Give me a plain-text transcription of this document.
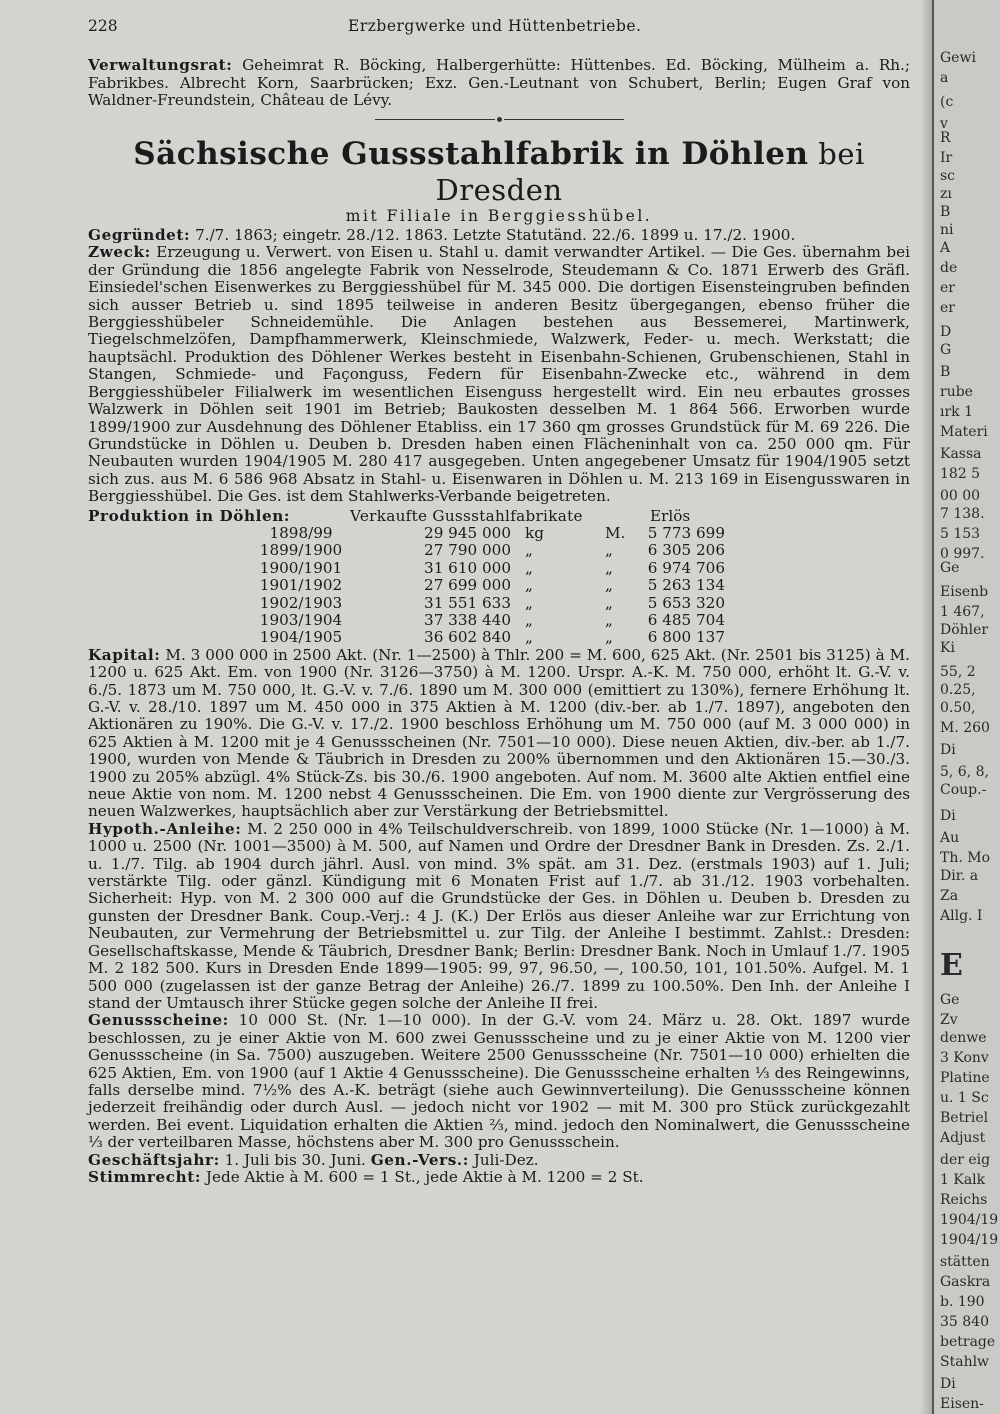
228	Erzbergwerke und Hüttenbetriebe.

Verwaltungsrat: Geheimrat R. Böcking, Halbergerhütte: Hüttenbes. Ed. Böcking, Mülheim a. Rh.; Fabrikbes. Albrecht Korn, Saarbrücken; Exz. Gen.-Leutnant von Schubert, Berlin; Eugen Graf von Waldner-Freundstein, Château de Lévy.

Sächsische Gussstahlfabrik in Döhlen bei Dresden
mit Filiale in Berggiesshübel.

Gegründet: 7./7. 1863; eingetr. 28./12. 1863. Letzte Statutänd. 22./6. 1899 u. 17./2. 1900.

Zweck: Erzeugung u. Verwert. von Eisen u. Stahl u. damit verwandter Artikel. — Die Ges. übernahm bei der Gründung die 1856 angelegte Fabrik von Nesselrode, Steudemann & Co. 1871 Erwerb des Gräfl. Einsiedel'schen Eisenwerkes zu Berggiesshübel für M. 345 000. Die dortigen Eisensteingruben befinden sich ausser Betrieb u. sind 1895 teilweise in anderen Besitz übergegangen, ebenso früher die Berggiesshübeler Schneidemühle. Die Anlagen bestehen aus Bessemerei, Martinwerk, Tiegelschmelzöfen, Dampfhammerwerk, Kleinschmiede, Walzwerk, Feder- u. mech. Werkstatt; die hauptsächl. Produktion des Döhlener Werkes besteht in Eisenbahn-Schienen, Grubenschienen, Stahl in Stangen, Schmiede- und Façonguss, Federn für Eisenbahn-Zwecke etc., während in dem Berggiesshübeler Filialwerk im wesentlichen Eisenguss hergestellt wird. Ein neu erbautes grosses Walzwerk in Döhlen seit 1901 im Betrieb; Baukosten desselben M. 1 864 566. Erworben wurde 1899/1900 zur Ausdehnung des Döhlener Etabliss. ein 17 360 qm grosses Grundstück für M. 69 226. Die Grundstücke in Döhlen u. Deuben b. Dresden haben einen Flächeninhalt von ca. 250 000 qm. Für Neubauten wurden 1904/1905 M. 280 417 ausgegeben. Unten angegebener Umsatz für 1904/1905 setzt sich zus. aus M. 6 586 968 Absatz in Stahl- u. Eisenwaren in Döhlen u. M. 213 169 in Eisengusswaren in Berggiesshübel. Die Ges. ist dem Stahlwerks-Verbande beigetreten.

Produktion in Döhlen:	Verkaufte Gussstahlfabrikate	Erlös
1898/99	29 945 000	kg	M.	5 773 699
1899/1900	27 790 000	„	„	6 305 206
1900/1901	31 610 000	„	„	6 974 706
1901/1902	27 699 000	„	„	5 263 134
1902/1903	31 551 633	„	„	5 653 320
1903/1904	37 338 440	„	„	6 485 704
1904/1905	36 602 840	„	„	6 800 137

Kapital: M. 3 000 000 in 2500 Akt. (Nr. 1—2500) à Thlr. 200 = M. 600, 625 Akt. (Nr. 2501 bis 3125) à M. 1200 u. 625 Akt. Em. von 1900 (Nr. 3126—3750) à M. 1200. Urspr. A.-K. M. 750 000, erhöht lt. G.-V. v. 6./5. 1873 um M. 750 000, lt. G.-V. v. 7./6. 1890 um M. 300 000 (emittiert zu 130%), fernere Erhöhung lt. G.-V. v. 28./10. 1897 um M. 450 000 in 375 Aktien à M. 1200 (div.-ber. ab 1./7. 1897), angeboten den Aktionären zu 190%. Die G.-V. v. 17./2. 1900 beschloss Erhöhung um M. 750 000 (auf M. 3 000 000) in 625 Aktien à M. 1200 mit je 4 Genussscheinen (Nr. 7501—10 000). Diese neuen Aktien, div.-ber. ab 1./7. 1900, wurden von Mende & Täubrich in Dresden zu 200% übernommen und den Aktionären 15.—30./3. 1900 zu 205% abzügl. 4% Stück-Zs. bis 30./6. 1900 angeboten. Auf nom. M. 3600 alte Aktien entfiel eine neue Aktie von nom. M. 1200 nebst 4 Genussscheinen. Die Em. von 1900 diente zur Vergrösserung des neuen Walzwerkes, hauptsächlich aber zur Verstärkung der Betriebsmittel.

Hypoth.-Anleihe: M. 2 250 000 in 4% Teilschuldverschreib. von 1899, 1000 Stücke (Nr. 1—1000) à M. 1000 u. 2500 (Nr. 1001—3500) à M. 500, auf Namen und Ordre der Dresdner Bank in Dresden. Zs. 2./1. u. 1./7. Tilg. ab 1904 durch jährl. Ausl. von mind. 3% spät. am 31. Dez. (erstmals 1903) auf 1. Juli; verstärkte Tilg. oder gänzl. Kündigung mit 6 Monaten Frist auf 1./7. ab 31./12. 1903 vorbehalten. Sicherheit: Hyp. von M. 2 300 000 auf die Grundstücke der Ges. in Döhlen u. Deuben b. Dresden zu gunsten der Dresdner Bank. Coup.-Verj.: 4 J. (K.) Der Erlös aus dieser Anleihe war zur Errichtung von Neubauten, zur Vermehrung der Betriebsmittel u. zur Tilg. der Anleihe I bestimmt. Zahlst.: Dresden: Gesellschaftskasse, Mende & Täubrich, Dresdner Bank; Berlin: Dresdner Bank. Noch in Umlauf 1./7. 1905 M. 2 182 500. Kurs in Dresden Ende 1899—1905: 99, 97, 96.50, —, 100.50, 101, 101.50%. Aufgel. M. 1 500 000 (zugelassen ist der ganze Betrag der Anleihe) 26./7. 1899 zu 100.50%. Den Inh. der Anleihe I stand der Umtausch ihrer Stücke gegen solche der Anleihe II frei.

Genussscheine: 10 000 St. (Nr. 1—10 000). In der G.-V. vom 24. März u. 28. Okt. 1897 wurde beschlossen, zu je einer Aktie von M. 600 zwei Genussscheine und zu je einer Aktie von M. 1200 vier Genussscheine (in Sa. 7500) auszugeben. Weitere 2500 Genussscheine (Nr. 7501—10 000) erhielten die 625 Aktien, Em. von 1900 (auf 1 Aktie 4 Genussscheine). Die Genussscheine erhalten ⅓ des Reingewinns, falls derselbe mind. 7½% des A.-K. beträgt (siehe auch Gewinnverteilung). Die Genussscheine können jederzeit freihändig oder durch Ausl. — jedoch nicht vor 1902 — mit M. 300 pro Stück zurückgezahlt werden. Bei event. Liquidation erhalten die Aktien ⅔, mind. jedoch den Nominalwert, die Genussscheine ⅓ der verteilbaren Masse, höchstens aber M. 300 pro Genussschein.

Geschäftsjahr: 1. Juli bis 30. Juni. Gen.-Vers.: Juli-Dez.

Stimmrecht: Jede Aktie à M. 600 = 1 St., jede Aktie à M. 1200 = 2 St.

Gewi
a
(c
v
R
Ir
sc
zı
B
ni
A
de
er
er
D
G
B
rube
ırk 1
Materi
Kassa
182 5
00 00
7 138.
5 153
0 997.
Ge
Eisenb
1 467,
Döhler
Ki
55, 2
0.25,
0.50,
M. 260
Di
5, 6, 8,
Coup.-
Di
Au
Th. Mo
Dir. a
Za
Allg. I
E
Ge
Zv
denwe
3 Konv
Platine
u. 1 Sc
Betriel
Adjust
der eig
1 Kalk
Reichs
1904/19
1904/19
stätten
Gaskra
b. 190
35 840
betrage
Stahlw
Di
Eisen-
